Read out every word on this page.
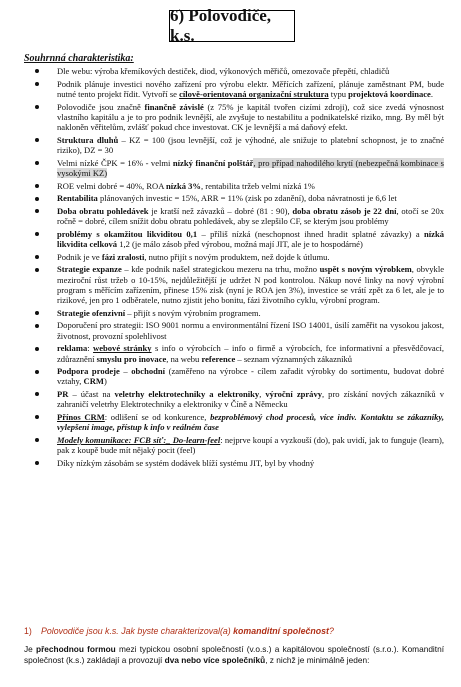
6) Polovodiče, k.s.
Souhrnná charakteristika:
Dle webu: výroba křemíkových destiček, diod, výkonových měřičů, omezovače přepětí, chladičů
Podnik plánuje investici nového zařízení pro výrobu elektr. Měřících zařízení, plánuje zaměstnant PM, bude nutné tento projekt řídit. Vytvoří se cílově-orientovaná organizační struktura typu projektová koordinace.
Polovodiče jsou značně finančně závislé (z 75% je kapitál tvořen cizími zdroji), což sice zvedá výnosnost vlastního kapitálu a je to pro podnik levnější, ale zvyšuje to nestabilitu a podnikatelské riziko, mng. By měl být nakloněn věřitelům, zvlášť pokud chce investovat. CK je levnější a má daňový efekt.
Struktura dluhů – KZ = 100 (jsou levnější, což je výhodné, ale snižuje to platební schopnost, je to značné riziko), DZ = 30
Velmi nízké ČPK = 16% - velmi nízký finanční polštář, pro případ nahodilého krytí (nebezpečná kombinace s vysokými KZ)
ROE velmi dobré = 40%, ROA nízká 3%, rentabilita tržeb velmi nízká 1%
Rentabilita plánovaných investic = 15%, ARR = 11% (zisk po zdanění), doba návratnosti je 6,6 let
Doba obratu pohledávek je kratší než závazků – dobré (81 : 90), doba obratu zásob je 22 dní, otočí se 20x ročně = dobré, cílem snížit dobu obratu pohledávek, aby se zlepšilo CF, se kterým jsou problémy
problémy s okamžitou likviditou 0,1 – příliš nízká (neschopnost ihned hradit splatné závazky) a nízká likvidita celková 1,2 (je málo zásob před výrobou, možná mají JIT, ale je to hospodárné)
Podnik je ve fázi zralosti, nutno přijít s novým produktem, než dojde k útlumu.
Strategie expanze – kde podnik našel strategickou mezeru na trhu, možno uspět s novým výrobkem, obvykle meziroční růst tržeb o 10-15%, nejdůležitější je udržet N pod kontrolou. Nákup nové linky na nový výrobní program s měřícím zařízením, přinese 15% zisk (nyní je ROA jen 3%), investice se vrátí zpět za 6 let, ale je to rizikové, jen pro 1 odběratele, nutno zjistit jeho bonitu, fázi životního cyklu, výrobní program.
Strategie ofenzivní – přijít s novým výrobním programem.
Doporučení pro strategii: ISO 9001 normu a environmentální řízení ISO 14001, úsilí zaměřit na vysokou jakost, životnost, provozní spolehlivost
reklama: webové stránky s info o výrobcích – info o firmě a výrobcích, fce informativní a přesvědčovací, zdůraznění smyslu pro inovace, na webu reference – seznam významných zákazníků
Podpora prodeje – obchodní (zaměřeno na výrobce - cílem zařadit výrobky do sortimentu, budovat dobré vztahy, CRM)
PR – účast na veletrhy elektrotechniky a elektroniky, výroční zprávy, pro získání nových zákazníků v zahraničí veletrhy Elektrotechniky a elektroniky v Číně a Německu
Přínos CRM: odlišení se od konkurence, bezproblémový chod procesů, více indiv. Kontaktu se zákazníky, vylepšení image, přístup k info v reálném čase
Modely komunikace: FCB síť:_ Do-learn-feel: nejprve koupí a vyzkouší (do), pak uvidí, jak to funguje (learn), pak z koupě bude mít nějaký pocit (feel)
Díky nízkým zásobám se systém dodávek blíží systému JIT, byl by vhodný
1) Polovodiče jsou k.s. Jak byste charakterizoval(a) komanditní společnost?
Je přechodnou formou mezi typickou osobní společností (v.o.s.) a kapitálovou společností (s.r.o.). Komanditní společnost (k.s.) zakládají a provozují dva nebo více společníků, z nichž je minimálně jeden:
